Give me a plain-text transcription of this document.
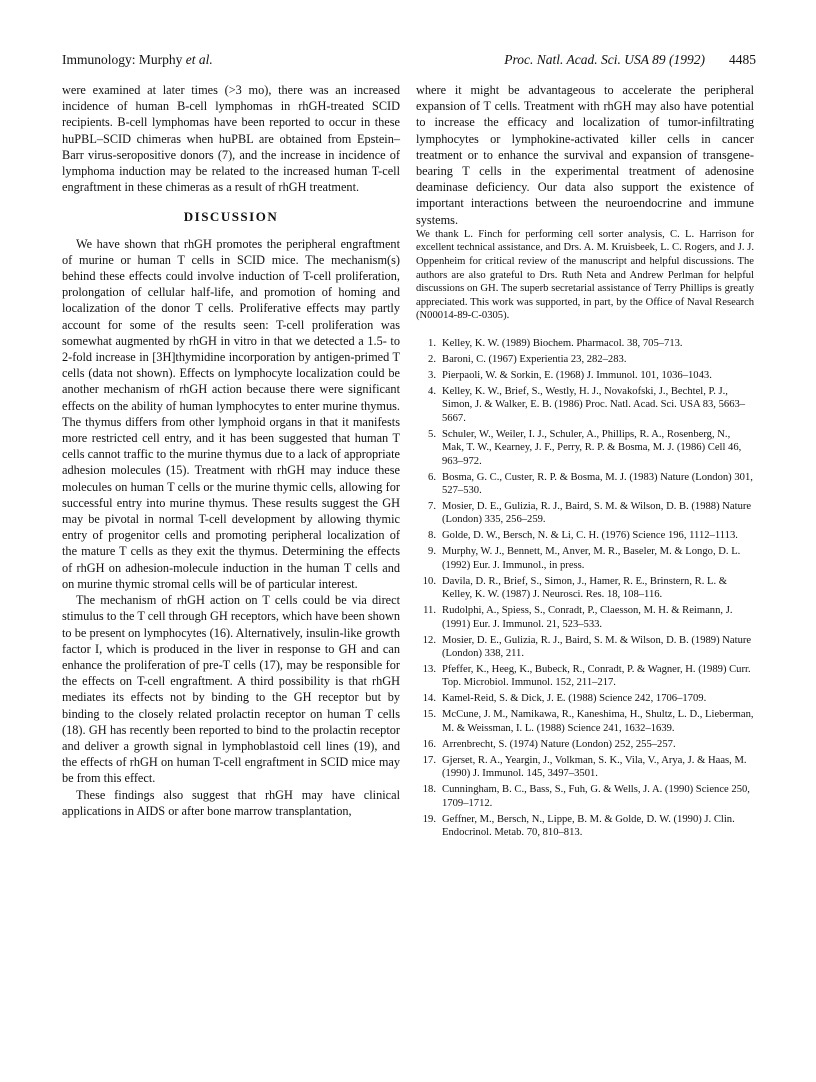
Immunology: Murphy et al.	Proc. Natl. Acad. Sci. USA 89 (1992) 4485

were examined at later times (>3 mo), there was an increased incidence of human B-cell lymphomas in rhGH-treated SCID recipients. B-cell lymphomas have been reported to occur in these huPBL–SCID chimeras when huPBL are obtained from Epstein–Barr virus-seropositive donors (7), and the increase in incidence of lymphoma induction may be related to the increased human T-cell engraftment in these chimeras as a result of rhGH treatment.

DISCUSSION

We have shown that rhGH promotes the peripheral engraftment of murine or human T cells in SCID mice. The mechanism(s) behind these effects could involve induction of T-cell proliferation, prolongation of cellular half-life, and promotion of homing and localization of the donor T cells. Proliferative effects may partly account for some of the results seen: T-cell proliferation was somewhat augmented by rhGH in vitro in that we detected a 1.5- to 2-fold increase in [3H]thymidine incorporation by antigen-primed T cells (data not shown). Effects on lymphocyte localization could be another mechanism of rhGH action because there were significant effects on the ability of human lymphocytes to enter murine thymus. The thymus differs from other lymphoid organs in that it manifests more restricted cell entry, and it has been suggested that human T cells cannot traffic to the murine thymus due to a lack of appropriate adhesion molecules (15). Treatment with rhGH may induce these molecules on human T cells or the murine thymic cells, allowing for successful entry into murine thymus. These results suggest the GH may be pivotal in normal T-cell development by allowing thymic entry of progenitor cells and promoting peripheral localization of the mature T cells as they exit the thymus. Determining the effects of rhGH on adhesion-molecule induction in the human T cells and on murine thymic stromal cells will be of particular interest.

The mechanism of rhGH action on T cells could be via direct stimulus to the T cell through GH receptors, which have been shown to be present on lymphocytes (16). Alternatively, insulin-like growth factor I, which is produced in the liver in response to GH and can enhance the proliferation of pre-T cells (17), may be responsible for the effects on T-cell engraftment. A third possibility is that rhGH mediates its effects not by binding to the GH receptor but by binding to the closely related prolactin receptor on human T cells (18). GH has recently been reported to bind to the prolactin receptor and deliver a growth signal in lymphoblastoid cell lines (19), and the effects of rhGH on human T-cell engraftment in SCID mice may be from this effect.

These findings also suggest that rhGH may have clinical applications in AIDS or after bone marrow transplantation,

where it might be advantageous to accelerate the peripheral expansion of T cells. Treatment with rhGH may also have potential to increase the efficacy and localization of tumor-infiltrating lymphocytes or lymphokine-activated killer cells in cancer treatment or to enhance the survival and expansion of transgene-bearing T cells in the experimental treatment of adenosine deaminase deficiency. Our data also support the existence of important interactions between the neuroendocrine and immune systems.

We thank L. Finch for performing cell sorter analysis, C. L. Harrison for excellent technical assistance, and Drs. A. M. Kruisbeek, L. C. Rogers, and J. J. Oppenheim for critical review of the manuscript and helpful discussions. The authors are also grateful to Drs. Ruth Neta and Andrew Perlman for helpful discussions on GH. The superb secretarial assistance of Terry Phillips is greatly appreciated. This work was supported, in part, by the Office of Naval Research (N00014-89-C-0305).

1. Kelley, K. W. (1989) Biochem. Pharmacol. 38, 705–713.
2. Baroni, C. (1967) Experientia 23, 282–283.
3. Pierpaoli, W. & Sorkin, E. (1968) J. Immunol. 101, 1036–1043.
4. Kelley, K. W., Brief, S., Westly, H. J., Novakofski, J., Bechtel, P. J., Simon, J. & Walker, E. B. (1986) Proc. Natl. Acad. Sci. USA 83, 5663–5667.
5. Schuler, W., Weiler, I. J., Schuler, A., Phillips, R. A., Rosenberg, N., Mak, T. W., Kearney, J. F., Perry, R. P. & Bosma, M. J. (1986) Cell 46, 963–972.
6. Bosma, G. C., Custer, R. P. & Bosma, M. J. (1983) Nature (London) 301, 527–530.
7. Mosier, D. E., Gulizia, R. J., Baird, S. M. & Wilson, D. B. (1988) Nature (London) 335, 256–259.
8. Golde, D. W., Bersch, N. & Li, C. H. (1976) Science 196, 1112–1113.
9. Murphy, W. J., Bennett, M., Anver, M. R., Baseler, M. & Longo, D. L. (1992) Eur. J. Immunol., in press.
10. Davila, D. R., Brief, S., Simon, J., Hamer, R. E., Brinstern, R. L. & Kelley, K. W. (1987) J. Neurosci. Res. 18, 108–116.
11. Rudolphi, A., Spiess, S., Conradt, P., Claesson, M. H. & Reimann, J. (1991) Eur. J. Immunol. 21, 523–533.
12. Mosier, D. E., Gulizia, R. J., Baird, S. M. & Wilson, D. B. (1989) Nature (London) 338, 211.
13. Pfeffer, K., Heeg, K., Bubeck, R., Conradt, P. & Wagner, H. (1989) Curr. Top. Microbiol. Immunol. 152, 211–217.
14. Kamel-Reid, S. & Dick, J. E. (1988) Science 242, 1706–1709.
15. McCune, J. M., Namikawa, R., Kaneshima, H., Shultz, L. D., Lieberman, M. & Weissman, I. L. (1988) Science 241, 1632–1639.
16. Arrenbrecht, S. (1974) Nature (London) 252, 255–257.
17. Gjerset, R. A., Yeargin, J., Volkman, S. K., Vila, V., Arya, J. & Haas, M. (1990) J. Immunol. 145, 3497–3501.
18. Cunningham, B. C., Bass, S., Fuh, G. & Wells, J. A. (1990) Science 250, 1709–1712.
19. Geffner, M., Bersch, N., Lippe, B. M. & Golde, D. W. (1990) J. Clin. Endocrinol. Metab. 70, 810–813.
